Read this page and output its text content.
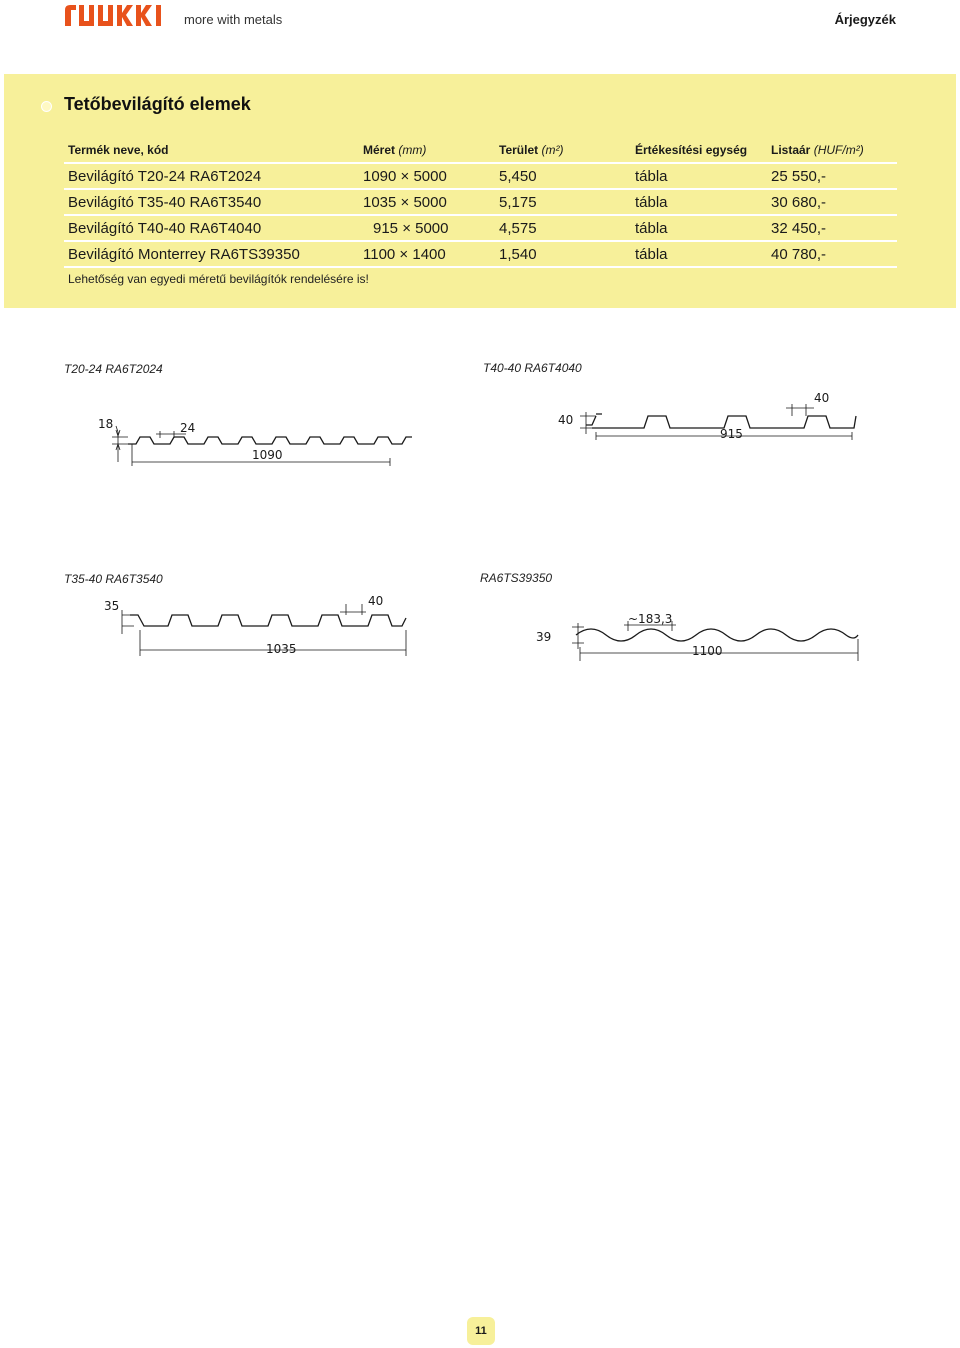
more with metals	Árjegyzék
Tetőbevilágító elemek
Termék neve, kód	Méret (mm)	Terület (m²)	Értékesítési egység	Listaár (HUF/m²)
Bevilágító T20-24 RA6T2024	1090 × 5000	5,450	tábla	25 550,-
Bevilágító T35-40 RA6T3540	1035 × 5000	5,175	tábla	30 680,-
Bevilágító T40-40 RA6T4040	915 × 5000	4,575	tábla	32 450,-
Bevilágító Monterrey RA6TS39350	1100 × 1400	1,540	tábla	40 780,-
Lehetőség van egyedi méretű bevilágítók rendelésére is!
T20-24 RA6T2024	T40-40 RA6T4040
T35-40 RA6T3540	RA6TS39350
18	24
1090
40
40
915
35	40
1035
39
~183,3
1100
11
